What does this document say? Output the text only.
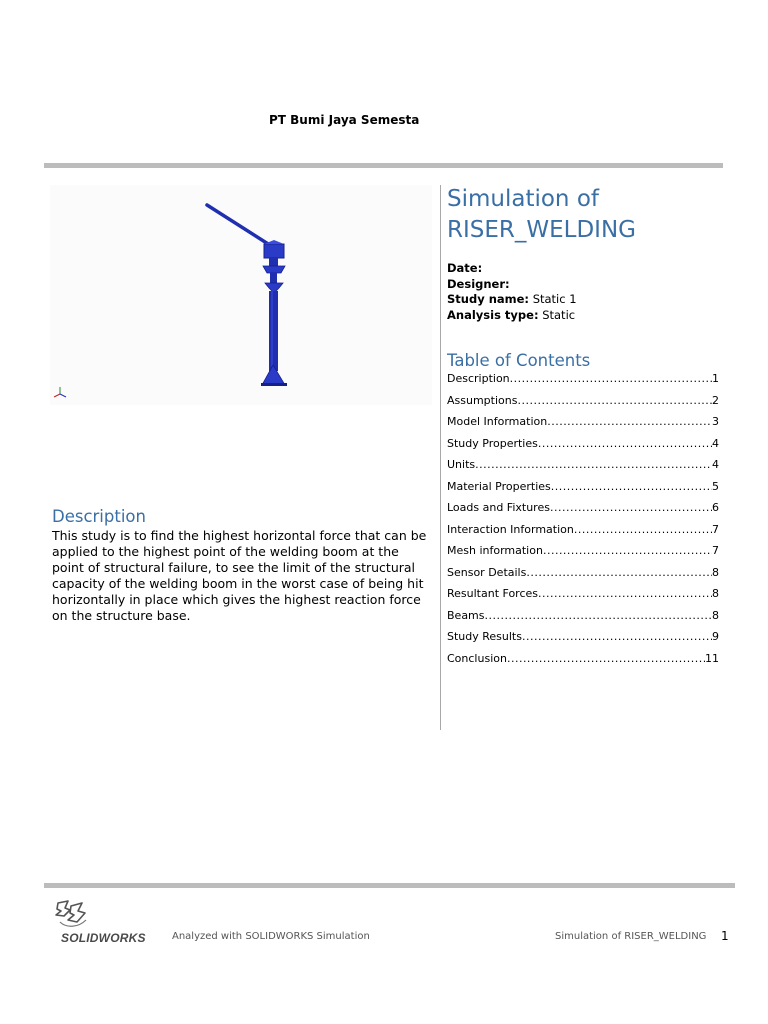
PT Bumi Jaya Semesta
Simulation of
RISER_WELDING
Date:
Designer:
Study name: Static 1
Analysis type: Static
Table of Contents
Description .....	1
Assumptions .....	2
Model Information .....	3
Study Properties .....	4
Units .....	4
Material Properties .....	5
Loads and Fixtures .....	6
Interaction Information .....	7
Mesh information .....	7
Sensor Details .....	8
Resultant Forces .....	8
Beams .....	8
Study Results .....	9
Conclusion .....	11
Description
This study is to find the highest horizontal force that can be applied to the highest point of the welding boom at the point of structural failure, to see the limit of the structural capacity of the welding boom in the worst case of being hit horizontally in place which gives the highest reaction force on the structure base.
SOLIDWORKS	Analyzed with SOLIDWORKS Simulation	Simulation of RISER_WELDING 1
